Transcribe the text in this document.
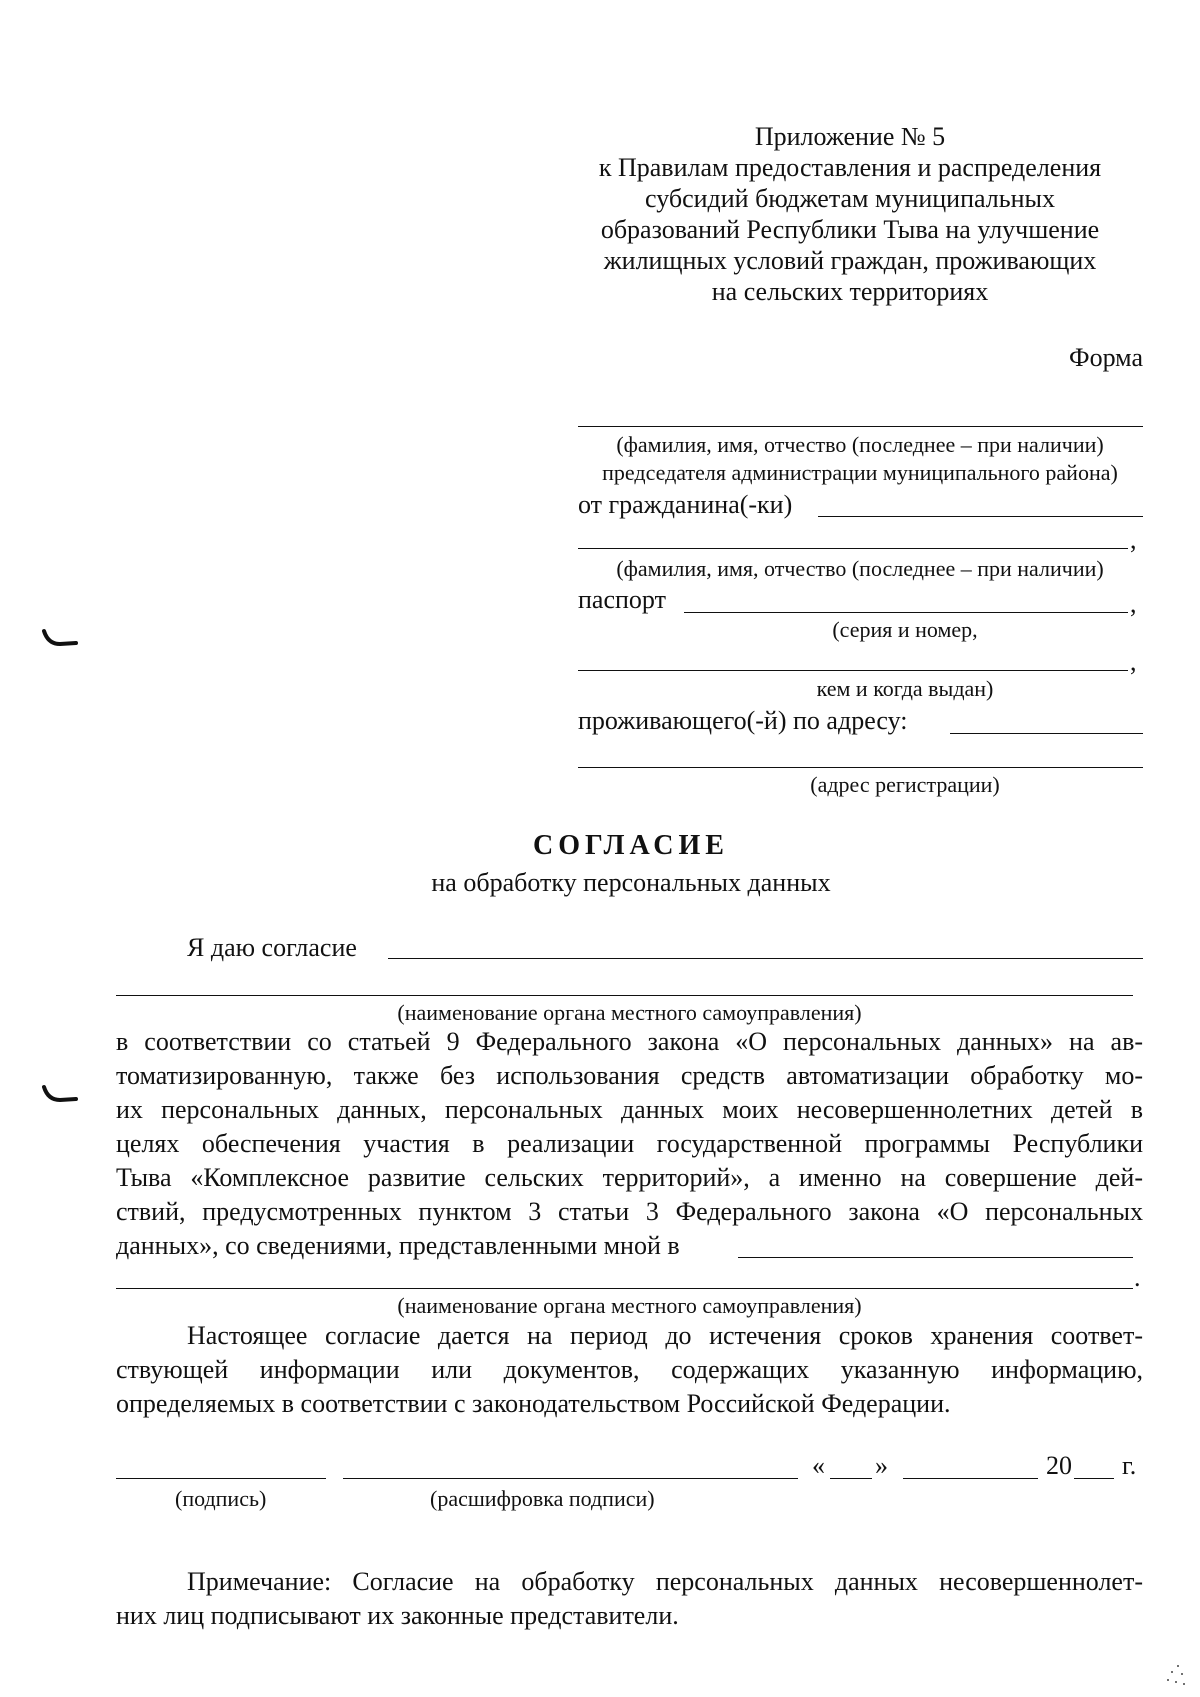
Приложение № 5
к Правилам предоставления и распределения
субсидий бюджетам муниципальных
образований Республики Тыва на улучшение
жилищных условий граждан, проживающих
на сельских территориях
Форма
(фамилия, имя, отчество (последнее – при наличии)
председателя администрации муниципального района)
от гражданина(-ки)
,
(фамилия, имя, отчество (последнее – при наличии)
паспорт	,
(серия и номер,
,
кем и когда выдан)
проживающего(-й) по адресу:
(адрес регистрации)
СОГЛАСИЕ
на обработку персональных данных
Я даю согласие
(наименование органа местного самоуправления)
в соответствии со статьей 9 Федерального закона «О персональных данных» на ав-
томатизированную, также без использования средств автоматизации обработку мо-
их персональных данных, персональных данных моих несовершеннолетних детей в
целях обеспечения участия в реализации государственной программы Республики
Тыва «Комплексное развитие сельских территорий», а именно на совершение дей-
ствий, предусмотренных пунктом 3 статьи 3 Федерального закона «О персональных
данных», со сведениями, представленными мной в
.
(наименование органа местного самоуправления)
Настоящее согласие дается на период до истечения сроков хранения соответ-
ствующей информации или документов, содержащих указанную информацию,
определяемых в соответствии с законодательством Российской Федерации.
« »	20 г.
(подпись)	(расшифровка подписи)
Примечание: Согласие на обработку персональных данных несовершеннолет-
них лиц подписывают их законные представители.
